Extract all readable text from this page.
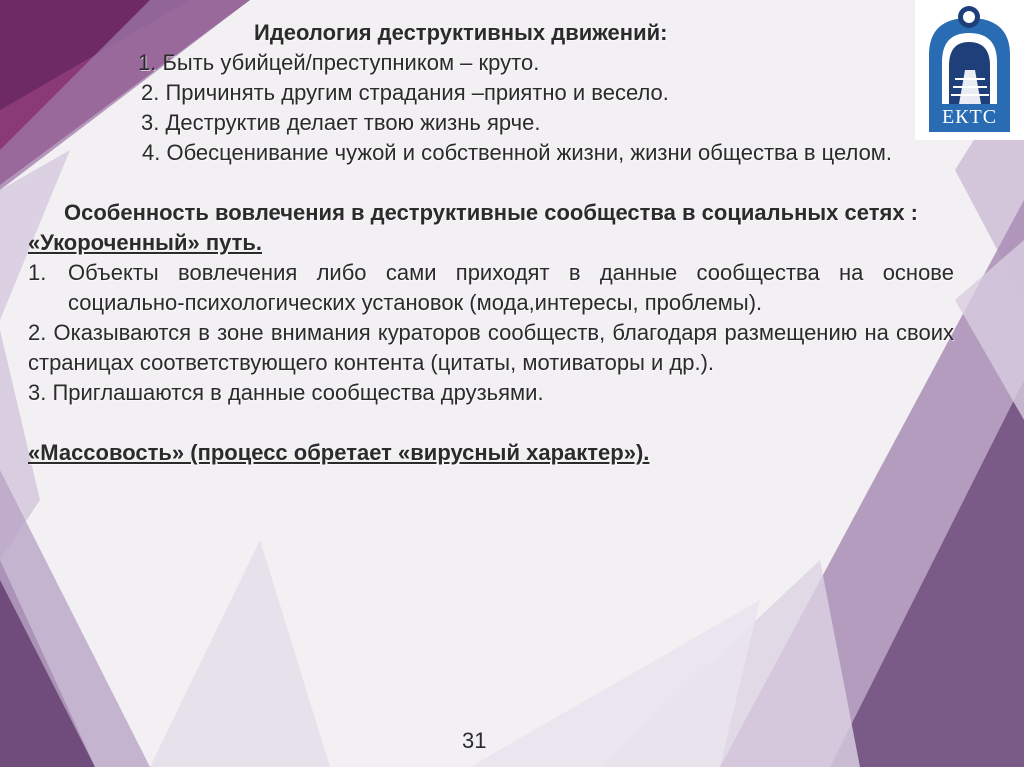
ЕКТС
Идеология деструктивных движений:
1. Быть убийцей/преступником – круто.
2. Причинять другим страдания –приятно и весело.
3. Деструктив делает твою жизнь ярче.
4. Обесценивание чужой и собственной жизни, жизни общества в целом.
Особенность вовлечения в деструктивные сообщества в социальных сетях :
«Укороченный» путь.
1. Объекты вовлечения либо сами приходят в данные сообщества на основе социально-психологических установок (мода,интересы, проблемы).
2. Оказываются в зоне внимания кураторов сообществ, благодаря размещению на своих страницах соответствующего контента (цитаты, мотиваторы и др.).
3. Приглашаются в данные сообщества друзьями.
«Массовость» (процесс обретает «вирусный характер»).
31
